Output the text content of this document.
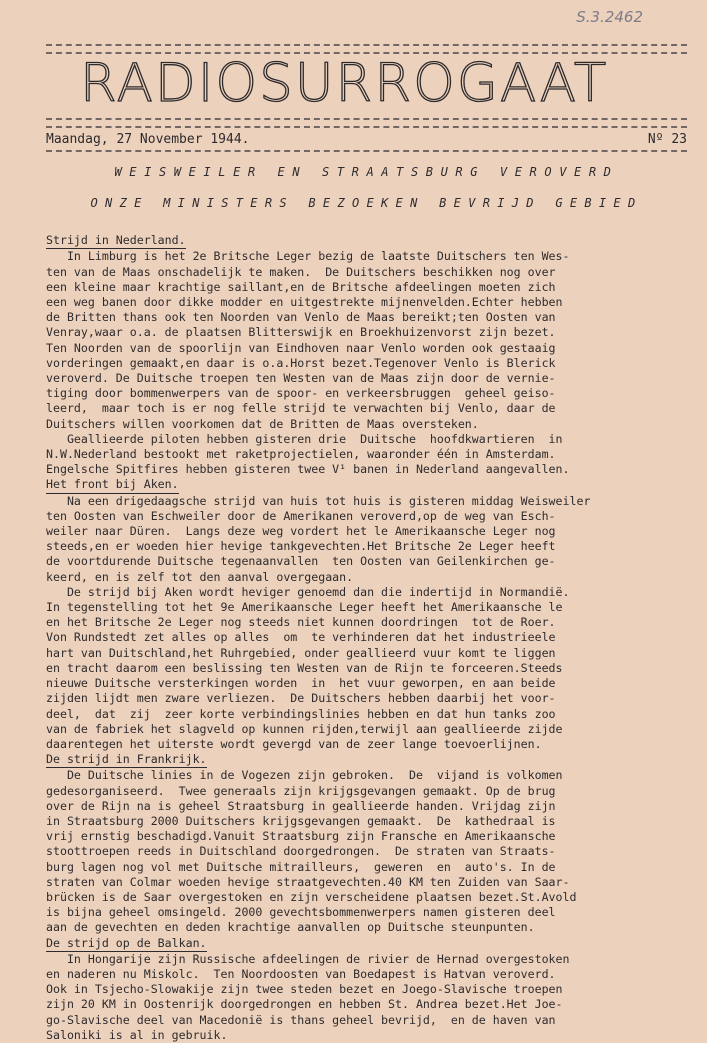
S.3.2462
RADIOSURROGAAT
Maandag, 27 November 1944.	Nº 23
WEISWEILER EN STRAATSBURG VEROVERD
ONZE MINISTERS BEZOEKEN BEVRIJD GEBIED

Strijd in Nederland.
In Limburg is het 2e Britsche Leger bezig de laatste Duitschers ten Wes-
ten van de Maas onschadelijk te maken.  De Duitschers beschikken nog over
een kleine maar krachtige saillant,en de Britsche afdeelingen moeten zich
een weg banen door dikke modder en uitgestrekte mijnenvelden.Echter hebben
de Britten thans ook ten Noorden van Venlo de Maas bereikt;ten Oosten van
Venray,waar o.a. de plaatsen Blitterswijk en Broekhuizenvorst zijn bezet.
Ten Noorden van de spoorlijn van Eindhoven naar Venlo worden ook gestaaig
vorderingen gemaakt,en daar is o.a.Horst bezet.Tegenover Venlo is Blerick
veroverd. De Duitsche troepen ten Westen van de Maas zijn door de vernie-
tiging door bommenwerpers van de spoor- en verkeersbruggen  geheel geiso-
leerd,  maar toch is er nog felle strijd te verwachten bij Venlo, daar de
Duitschers willen voorkomen dat de Britten de Maas oversteken.
Geallieerde piloten hebben gisteren drie  Duitsche  hoofdkwartieren  in
N.W.Nederland bestookt met raketprojectielen, waaronder één in Amsterdam.
Engelsche Spitfires hebben gisteren twee V¹ banen in Nederland aangevallen.
Het front bij Aken.
Na een drigedaagsche strijd van huis tot huis is gisteren middag Weisweiler
ten Oosten van Eschweiler door de Amerikanen veroverd,op de weg van Esch-
weiler naar Düren.  Langs deze weg vordert het le Amerikaansche Leger nog
steeds,en er woeden hier hevige tankgevechten.Het Britsche 2e Leger heeft
de voortdurende Duitsche tegenaanvallen  ten Oosten van Geilenkirchen ge-
keerd, en is zelf tot den aanval overgegaan.
De strijd bij Aken wordt heviger genoemd dan die indertijd in Normandië.
In tegenstelling tot het 9e Amerikaansche Leger heeft het Amerikaansche le
en het Britsche 2e Leger nog steeds niet kunnen doordringen  tot de Roer.
Von Rundstedt zet alles op alles  om  te verhinderen dat het industrieele
hart van Duitschland,het Ruhrgebied, onder geallieerd vuur komt te liggen
en tracht daarom een beslissing ten Westen van de Rijn te forceeren.Steeds
nieuwe Duitsche versterkingen worden  in  het vuur geworpen, en aan beide
zijden lijdt men zware verliezen.  De Duitschers hebben daarbij het voor-
deel,  dat  zij  zeer korte verbindingslinies hebben en dat hun tanks zoo
van de fabriek het slagveld op kunnen rijden,terwijl aan geallieerde zijde
daarentegen het uiterste wordt gevergd van de zeer lange toevoerlijnen.
De strijd in Frankrijk.
De Duitsche linies in de Vogezen zijn gebroken.  De  vijand is volkomen
gedesorganiseerd.  Twee generaals zijn krijgsgevangen gemaakt. Op de brug
over de Rijn na is geheel Straatsburg in geallieerde handen. Vrijdag zijn
in Straatsburg 2000 Duitschers krijgsgevangen gemaakt.  De  kathedraal is
vrij ernstig beschadigd.Vanuit Straatsburg zijn Fransche en Amerikaansche
stoottroepen reeds in Duitschland doorgedrongen.  De straten van Straats-
burg lagen nog vol met Duitsche mitrailleurs,  geweren  en  auto's. In de
straten van Colmar woeden hevige straatgevechten.40 KM ten Zuiden van Saar-
brücken is de Saar overgestoken en zijn verscheidene plaatsen bezet.St.Avold
is bijna geheel omsingeld. 2000 gevechtsbommenwerpers namen gisteren deel
aan de gevechten en deden krachtige aanvallen op Duitsche steunpunten.
De strijd op de Balkan.
In Hongarije zijn Russische afdeelingen de rivier de Hernad overgestoken
en naderen nu Miskolc.  Ten Noordoosten van Boedapest is Hatvan veroverd.
Ook in Tsjecho-Slowakije zijn twee steden bezet en Joego-Slavische troepen
zijn 20 KM in Oostenrijk doorgedrongen en hebben St. Andrea bezet.Het Joe-
go-Slavische deel van Macedonië is thans geheel bevrijd,  en de haven van
Saloniki is al in gebruik.
